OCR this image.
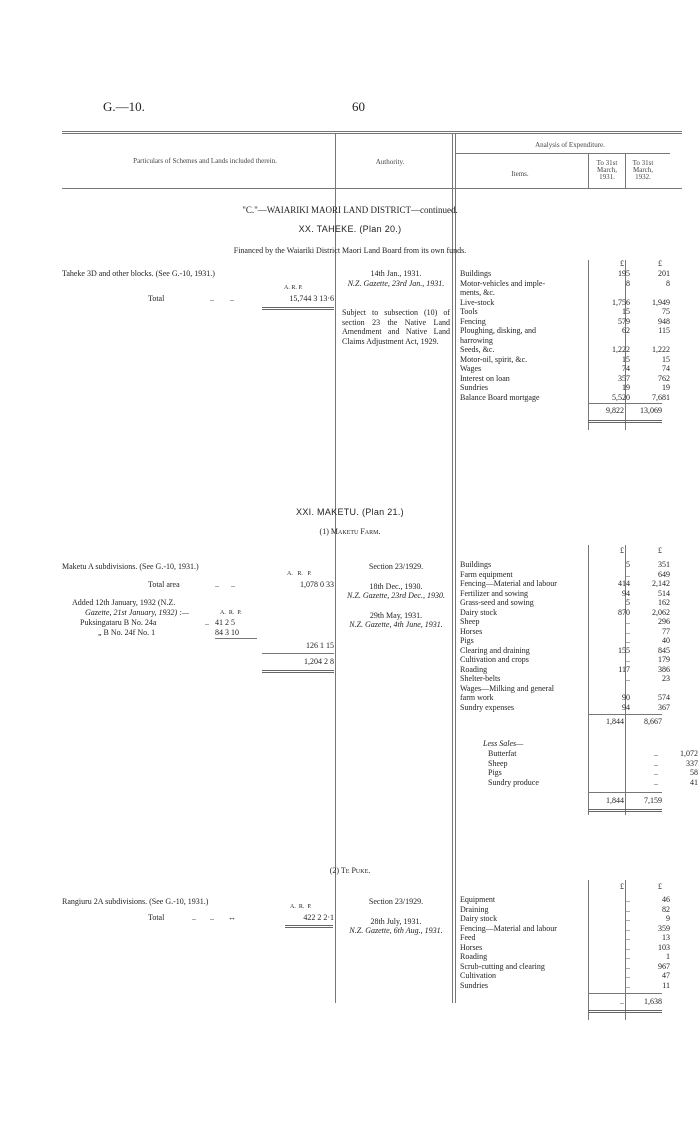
G.—10.	60
Particulars of Schemes and Lands included therein.	Authority.
Analysis of Expenditure.
Items.
To 31st March, 1931.
To 31st March, 1932.
"C."—WAIARIKI MAORI LAND DISTRICT—continued.
XX. TAHEKE. (Plan 20.)
Financed by the Waiariki District Maori Land Board from its own funds.
£	£
Taheke 3D and other blocks. (See G.-10, 1931.)
A. R. P.
Total	..        ..	15,744 3 13·6
14th Jan., 1931.
N.Z. Gazette, 23rd Jan., 1931.
Subject to subsection (10) of section 23 the Native Land Amendment and Native Land Claims Adjustment Act, 1929.
Buildings	195	201
Motor-vehicles and imple-	8	8
ments, &c.
Live-stock	1,756	1,949
Tools	15	75
Fencing	579	948
Ploughing, disking, and	62	115
harrowing
Seeds, &c.	1,222	1,222
Motor-oil, spirit, &c.	15	15
Wages	74	74
Interest on loan	357	762
Sundries	19	19
Balance Board mortgage	5,520	7,681
9,822	13,069
XXI. MAKETU. (Plan 21.)
(1) Maketu Farm.
£	£
Maketu A subdivisions. (See G.-10, 1931.)
A.   R.   P.
Total area	..      ..	1,078 0 33
Added 12th January, 1932 (N.Z.
Gazette, 21st January, 1932) :—	A.  R.  P.
Puksingataru B No. 24a	.. 41 2 5
„ B No. 24f No. 1	84 3 10
126 1 15
1,204 2 8
Section 23/1929.
18th Dec., 1930.
N.Z. Gazette, 23rd Dec., 1930.
29th May, 1931.
N.Z. Gazette, 4th June, 1931.
Buildings	5	351
Farm equipment	..	649
Fencing—Material and labour	414	2,142
Fertilizer and sowing	94	514
Grass-seed and sowing	5	162
Dairy stock	870	2,062
Sheep	..	296
Horses	..	77
Pigs	..	40
Clearing and draining	155	845
Cultivation and crops	..	179
Roading	117	386
Shelter-belts	..	23
Wages—Milking and general
farm work	90	574
Sundry expenses	94	367
1,844	8,667
Less Sales—
Butterfat	..	1,072
Sheep	..	337
Pigs	..	58
Sundry produce	..	41
1,844	7,159
(2) Te Puke.
£	£
Rangiuru 2A subdivisions. (See G.-10, 1931.)
A.  R.  P.
Total	..       ..       ↔	422 2 2·1
Section 23/1929.
28th July, 1931.
N.Z. Gazette, 6th Aug., 1931.
Equipment	..	46
Draining	..	82
Dairy stock	..	9
Fencing—Material and labour	..	359
Feed	..	13
Horses	..	103
Roading	..	1
Scrub-cutting and clearing	..	967
Cultivation	..	47
Sundries	..	11
..	1,638
